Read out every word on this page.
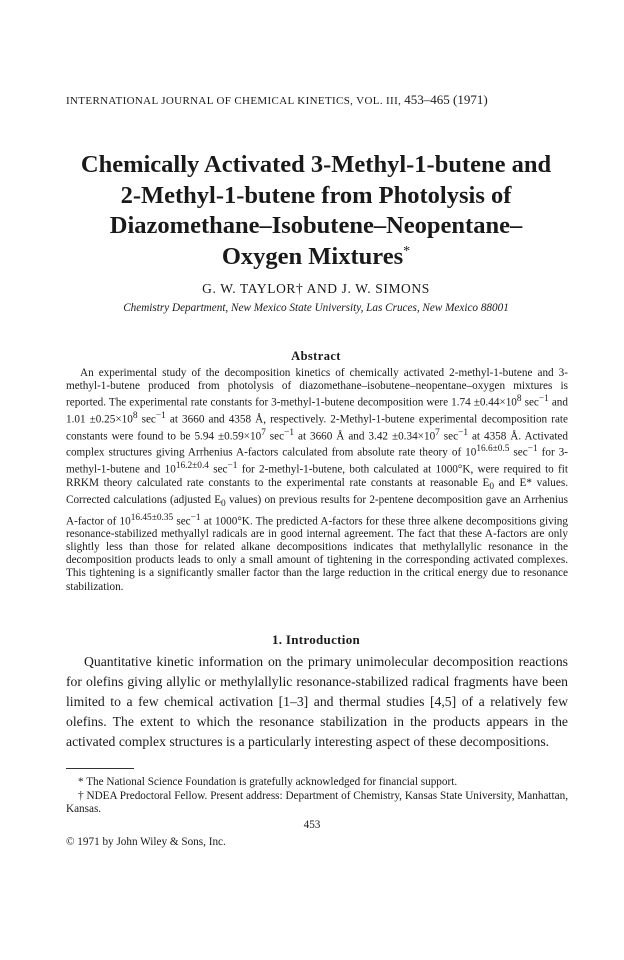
INTERNATIONAL JOURNAL OF CHEMICAL KINETICS, VOL. III, 453–465 (1971)
Chemically Activated 3-Methyl-1-butene and
2-Methyl-1-butene from Photolysis of
Diazomethane–Isobutene–Neopentane–
Oxygen Mixtures*
G. W. TAYLOR† AND J. W. SIMONS
Chemistry Department, New Mexico State University, Las Cruces, New Mexico 88001
Abstract

An experimental study of the decomposition kinetics of chemically activated 2-methyl-1-butene and 3-methyl-1-butene produced from photolysis of diazomethane–isobutene–neopentane–oxygen mixtures is reported. The experimental rate constants for 3-methyl-1-butene decomposition were $1.74 \pm 0.44\times 10^8$ $\sec^{-1}$ and $1.01 \pm 0.25\times 10^8$ $\sec^{-1}$ at 3660 and 4358 Å, respectively. 2-Methyl-1-butene experimental decomposition rate constants were found to be $5.94 \pm 0.59\times 10^7$ $\sec^{-1}$ at 3660 Å and $3.42 \pm 0.34\times 10^7$ $\sec^{-1}$ at 4358 Å. Activated complex structures giving Arrhenius A-factors calculated from absolute rate theory of $10^{16.6\pm 0.5}$ $\sec^{-1}$ for 3-methyl-1-butene and $10^{16.2\pm 0.4}$ $\sec^{-1}$ for 2-methyl-1-butene, both calculated at 1000°K, were required to fit RRKM theory calculated rate constants to the experimental rate constants at reasonable $E_0$ and E* values. Corrected calculations (adjusted $E_0$ values) on previous results for 2-pentene decomposition gave an Arrhenius A-factor of $10^{16.45\pm 0.35}$ $\sec^{-1}$ at 1000°K. The predicted A-factors for these three alkene decompositions giving resonance-stabilized methyallyl radicals are in good internal agreement. The fact that these A-factors are only slightly less than those for related alkane decompositions indicates that methylallylic resonance in the decomposition products leads to only a small amount of tightening in the corresponding activated complexes. This tightening is a significantly smaller factor than the large reduction in the critical energy due to resonance stabilization.

1. Introduction

Quantitative kinetic information on the primary unimolecular decomposition reactions for olefins giving allylic or methylallylic resonance-stabilized radical fragments have been limited to a few chemical activation [1–3] and thermal studies [4,5] of a relatively few olefins. The extent to which the resonance stabilization in the products appears in the activated complex structures is a particularly interesting aspect of these decompositions.

* The National Science Foundation is gratefully acknowledged for financial support.

† NDEA Predoctoral Fellow. Present address: Department of Chemistry, Kansas State University, Manhattan, Kansas.

453
© 1971 by John Wiley & Sons, Inc.
